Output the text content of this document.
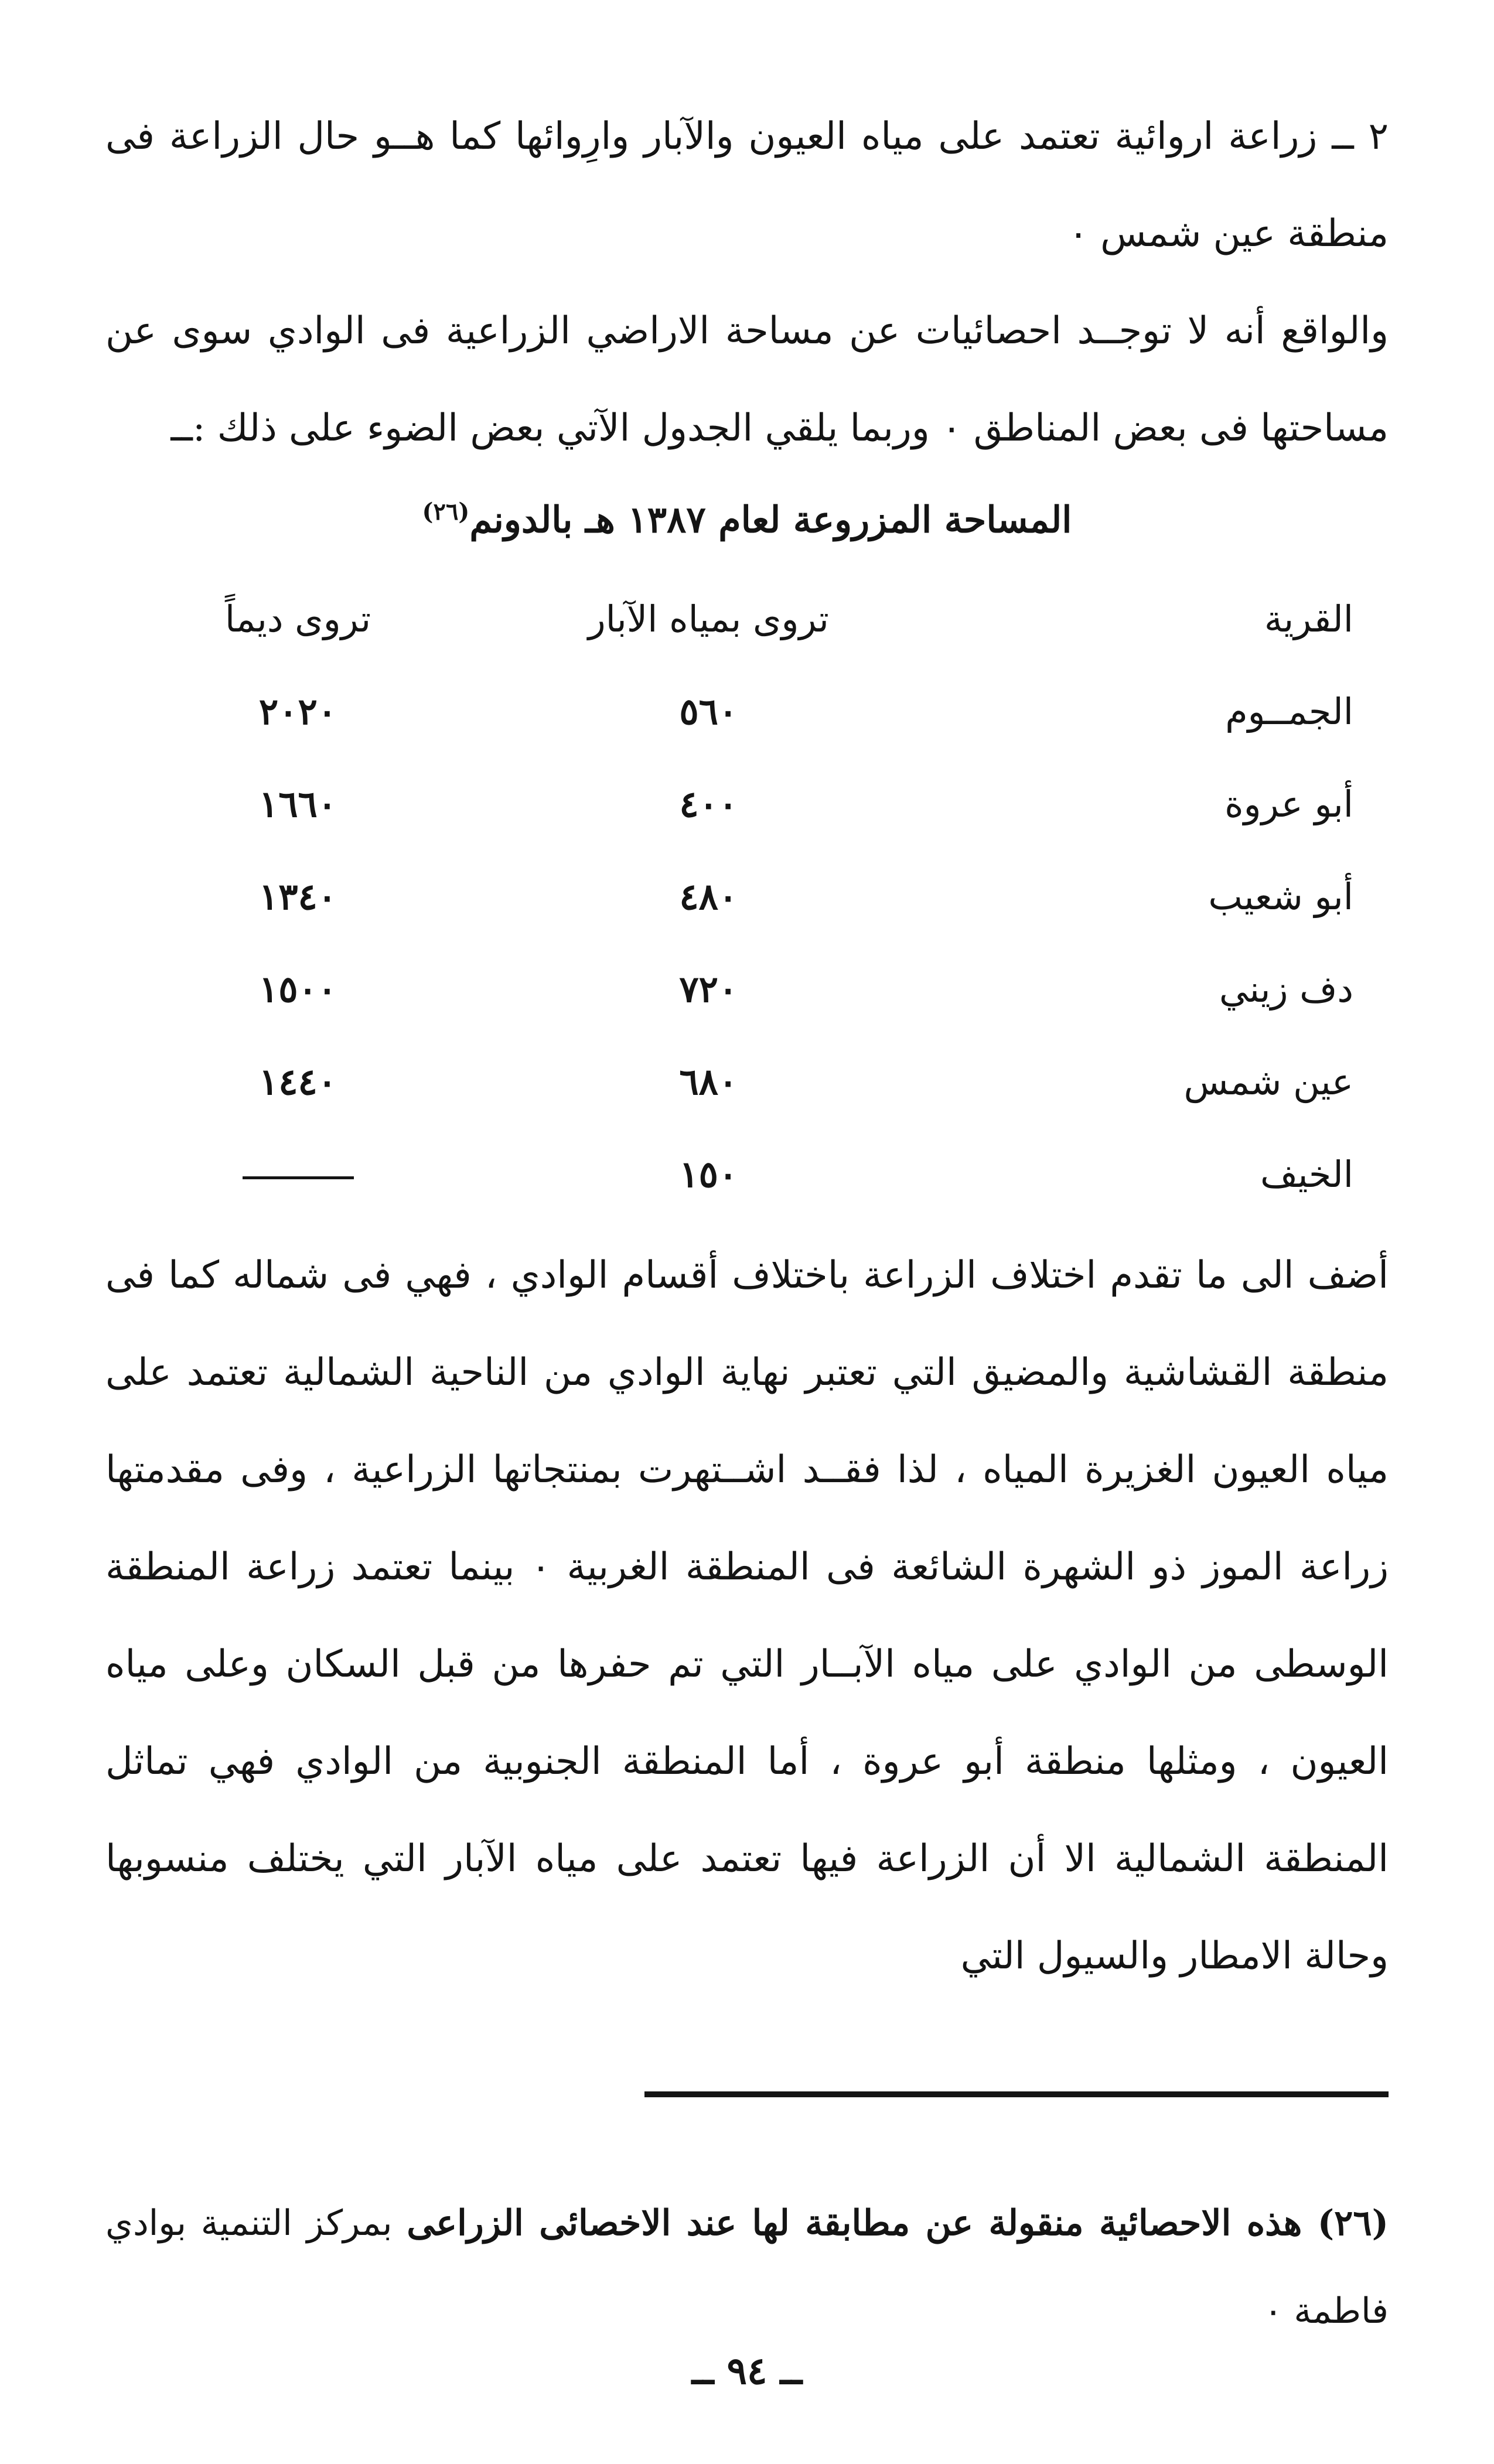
٢ ــ زراعة اروائية تعتمد على مياه العيون والآبار وارِوائها كما هــو حال الزراعة فى منطقة عين شمس ٠

والواقع أنه لا توجــد احصائيات عن مساحة الاراضي الزراعية فى الوادي سوى عن مساحتها فى بعض المناطق ٠ وربما يلقي الجدول الآتي بعض الضوء على ذلك :ــ

المساحة المزروعة لعام ١٣٨٧ هـ بالدونم$^{(٢٦)}$
القرية	تروى بمياه الآبار	تروى ديماً
الجمــوم	٥٦٠	٢٠٢٠
أبو عروة	٤٠٠	١٦٦٠
أبو شعيب	٤٨٠	١٣٤٠
دف زيني	٧٢٠	١٥٠٠
عين شمس	٦٨٠	١٤٤٠
الخيف	١٥٠	

أضف الى ما تقدم اختلاف الزراعة باختلاف أقسام الوادي ، فهي فى شماله كما فى منطقة القشاشية والمضيق التي تعتبر نهاية الوادي من الناحية الشمالية تعتمد على مياه العيون الغزيرة المياه ، لذا فقــد اشــتهرت بمنتجاتها الزراعية ، وفى مقدمتها زراعة الموز ذو الشهرة الشائعة فى المنطقة الغربية ٠ بينما تعتمد زراعة المنطقة الوسطى من الوادي على مياه الآبــار التي تم حفرها من قبل السكان وعلى مياه العيون ، ومثلها منطقة أبو عروة ، أما المنطقة الجنوبية من الوادي فهي تماثل المنطقة الشمالية الا أن الزراعة فيها تعتمد على مياه الآبار التي يختلف منسوبها وحالة الامطار والسيول التي

(٢٦) هذه الاحصائية منقولة عن مطابقة لها عند الاخصائى الزراعى بمركز التنمية بوادي فاطمة ٠

ــ ٩٤ ــ
